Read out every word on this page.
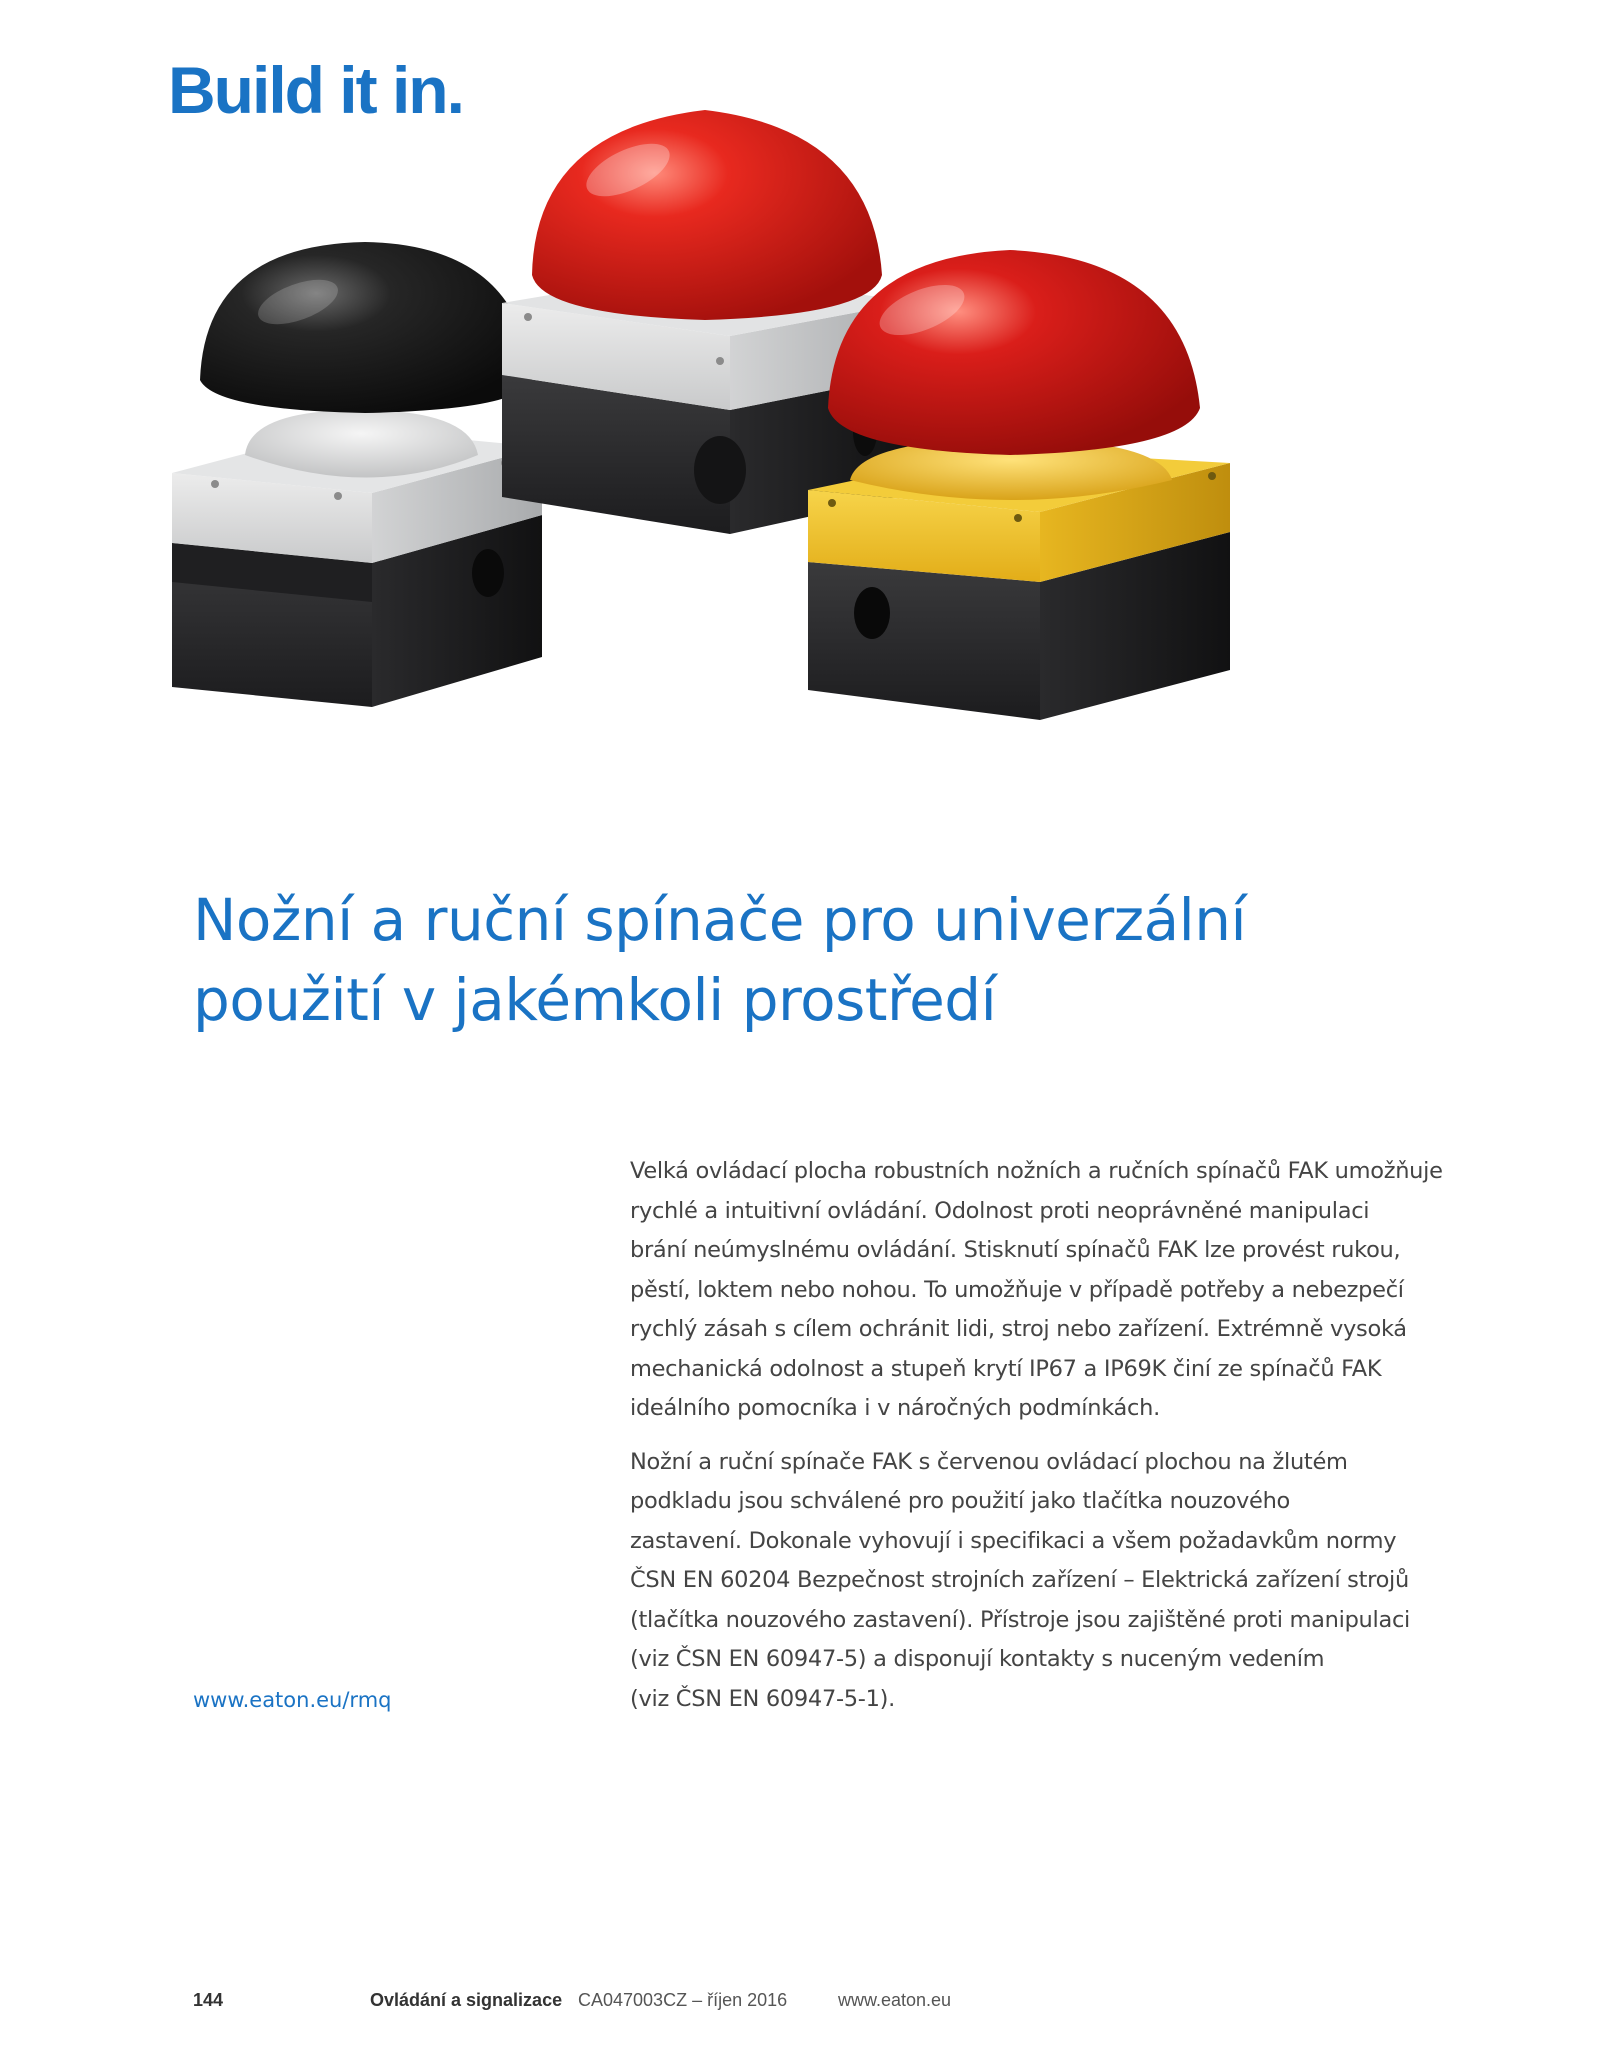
Build it in.
Nožní a ruční spínače pro univerzální
použití v jakémkoli prostředí

Velká ovládací plocha robustních nožních a ručních spínačů FAK umožňuje
rychlé a intuitivní ovládání. Odolnost proti neoprávněné manipulaci
brání neúmyslnému ovládání. Stisknutí spínačů FAK lze provést rukou,
pěstí, loktem nebo nohou. To umožňuje v případě potřeby a nebezpečí
rychlý zásah s cílem ochránit lidi, stroj nebo zařízení. Extrémně vysoká
mechanická odolnost a stupeň krytí IP67 a IP69K činí ze spínačů FAK
ideálního pomocníka i v náročných podmínkách.

Nožní a ruční spínače FAK s červenou ovládací plochou na žlutém
podkladu jsou schválené pro použití jako tlačítka nouzového
zastavení. Dokonale vyhovují i specifikaci a všem požadavkům normy
ČSN EN 60204 Bezpečnost strojních zařízení – Elektrická zařízení strojů
(tlačítka nouzového zastavení). Přístroje jsou zajištěné proti manipulaci
(viz ČSN EN 60947-5) a disponují kontakty s nuceným vedením
(viz ČSN EN 60947-5-1).

www.eaton.eu/rmq
144	Ovládání a signalizace CA047003CZ – říjen 2016	www.eaton.eu
